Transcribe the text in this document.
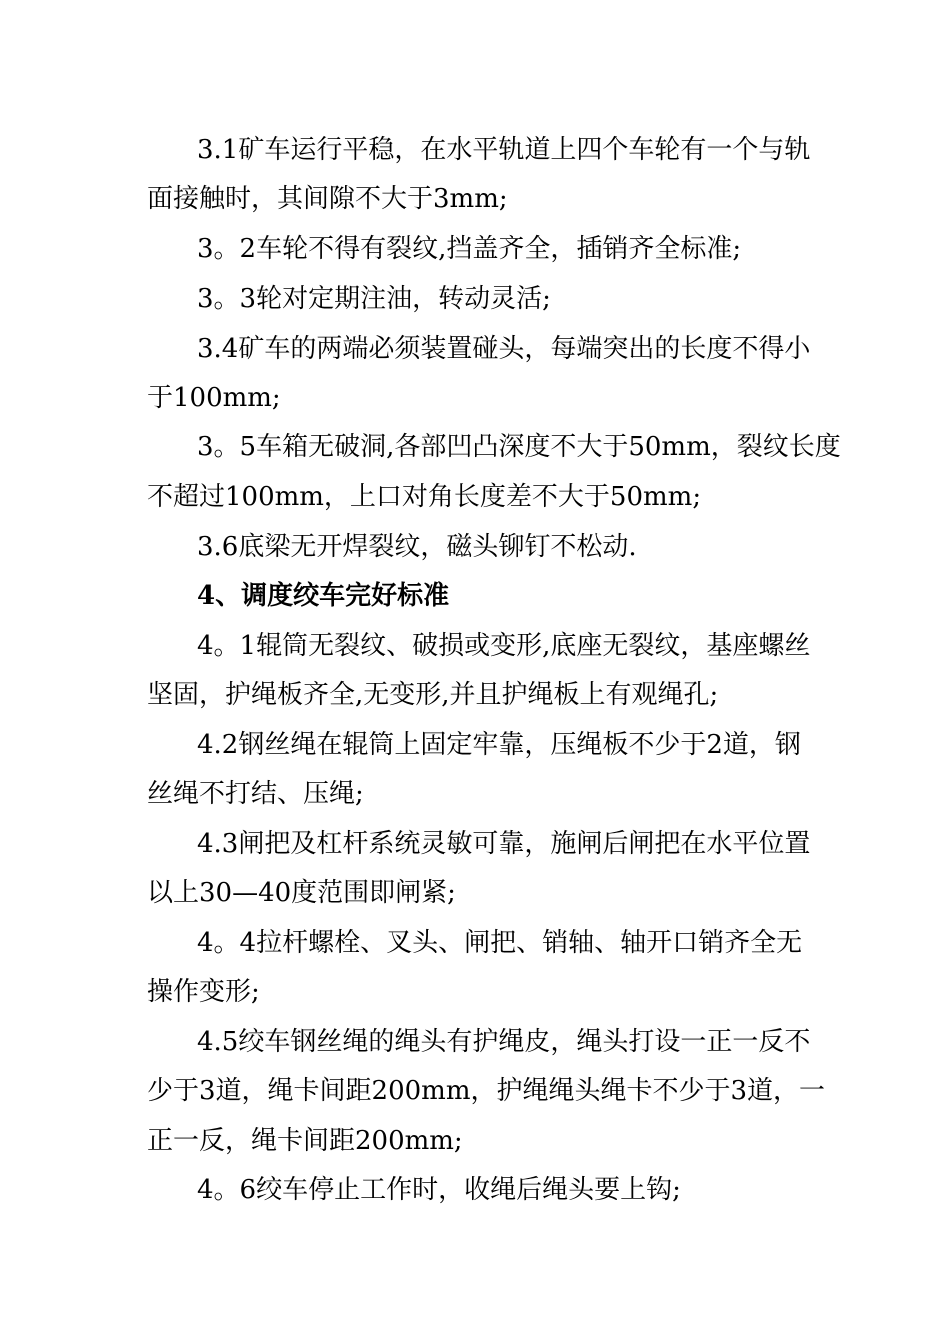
3.1矿车运行平稳，在水平轨道上四个车轮有一个与轨
面接触时，其间隙不大于3mm;
3。2车轮不得有裂纹,挡盖齐全，插销齐全标准;
3。3轮对定期注油，转动灵活;
3.4矿车的两端必须装置碰头，每端突出的长度不得小
于100mm;
3。5车箱无破洞,各部凹凸深度不大于50mm，裂纹长度
不超过100mm，上口对角长度差不大于50mm;
3.6底梁无开焊裂纹，磁头铆钉不松动.
4、调度绞车完好标准
4。1辊筒无裂纹、破损或变形,底座无裂纹，基座螺丝
坚固，护绳板齐全,无变形,并且护绳板上有观绳孔;
4.2钢丝绳在辊筒上固定牢靠，压绳板不少于2道，钢
丝绳不打结、压绳;
4.3闸把及杠杆系统灵敏可靠，施闸后闸把在水平位置
以上30—40度范围即闸紧;
4。4拉杆螺栓、叉头、闸把、销轴、轴开口销齐全无
操作变形;
4.5绞车钢丝绳的绳头有护绳皮，绳头打设一正一反不
少于3道，绳卡间距200mm，护绳绳头绳卡不少于3道，一
正一反，绳卡间距200mm;
4。6绞车停止工作时，收绳后绳头要上钩;
